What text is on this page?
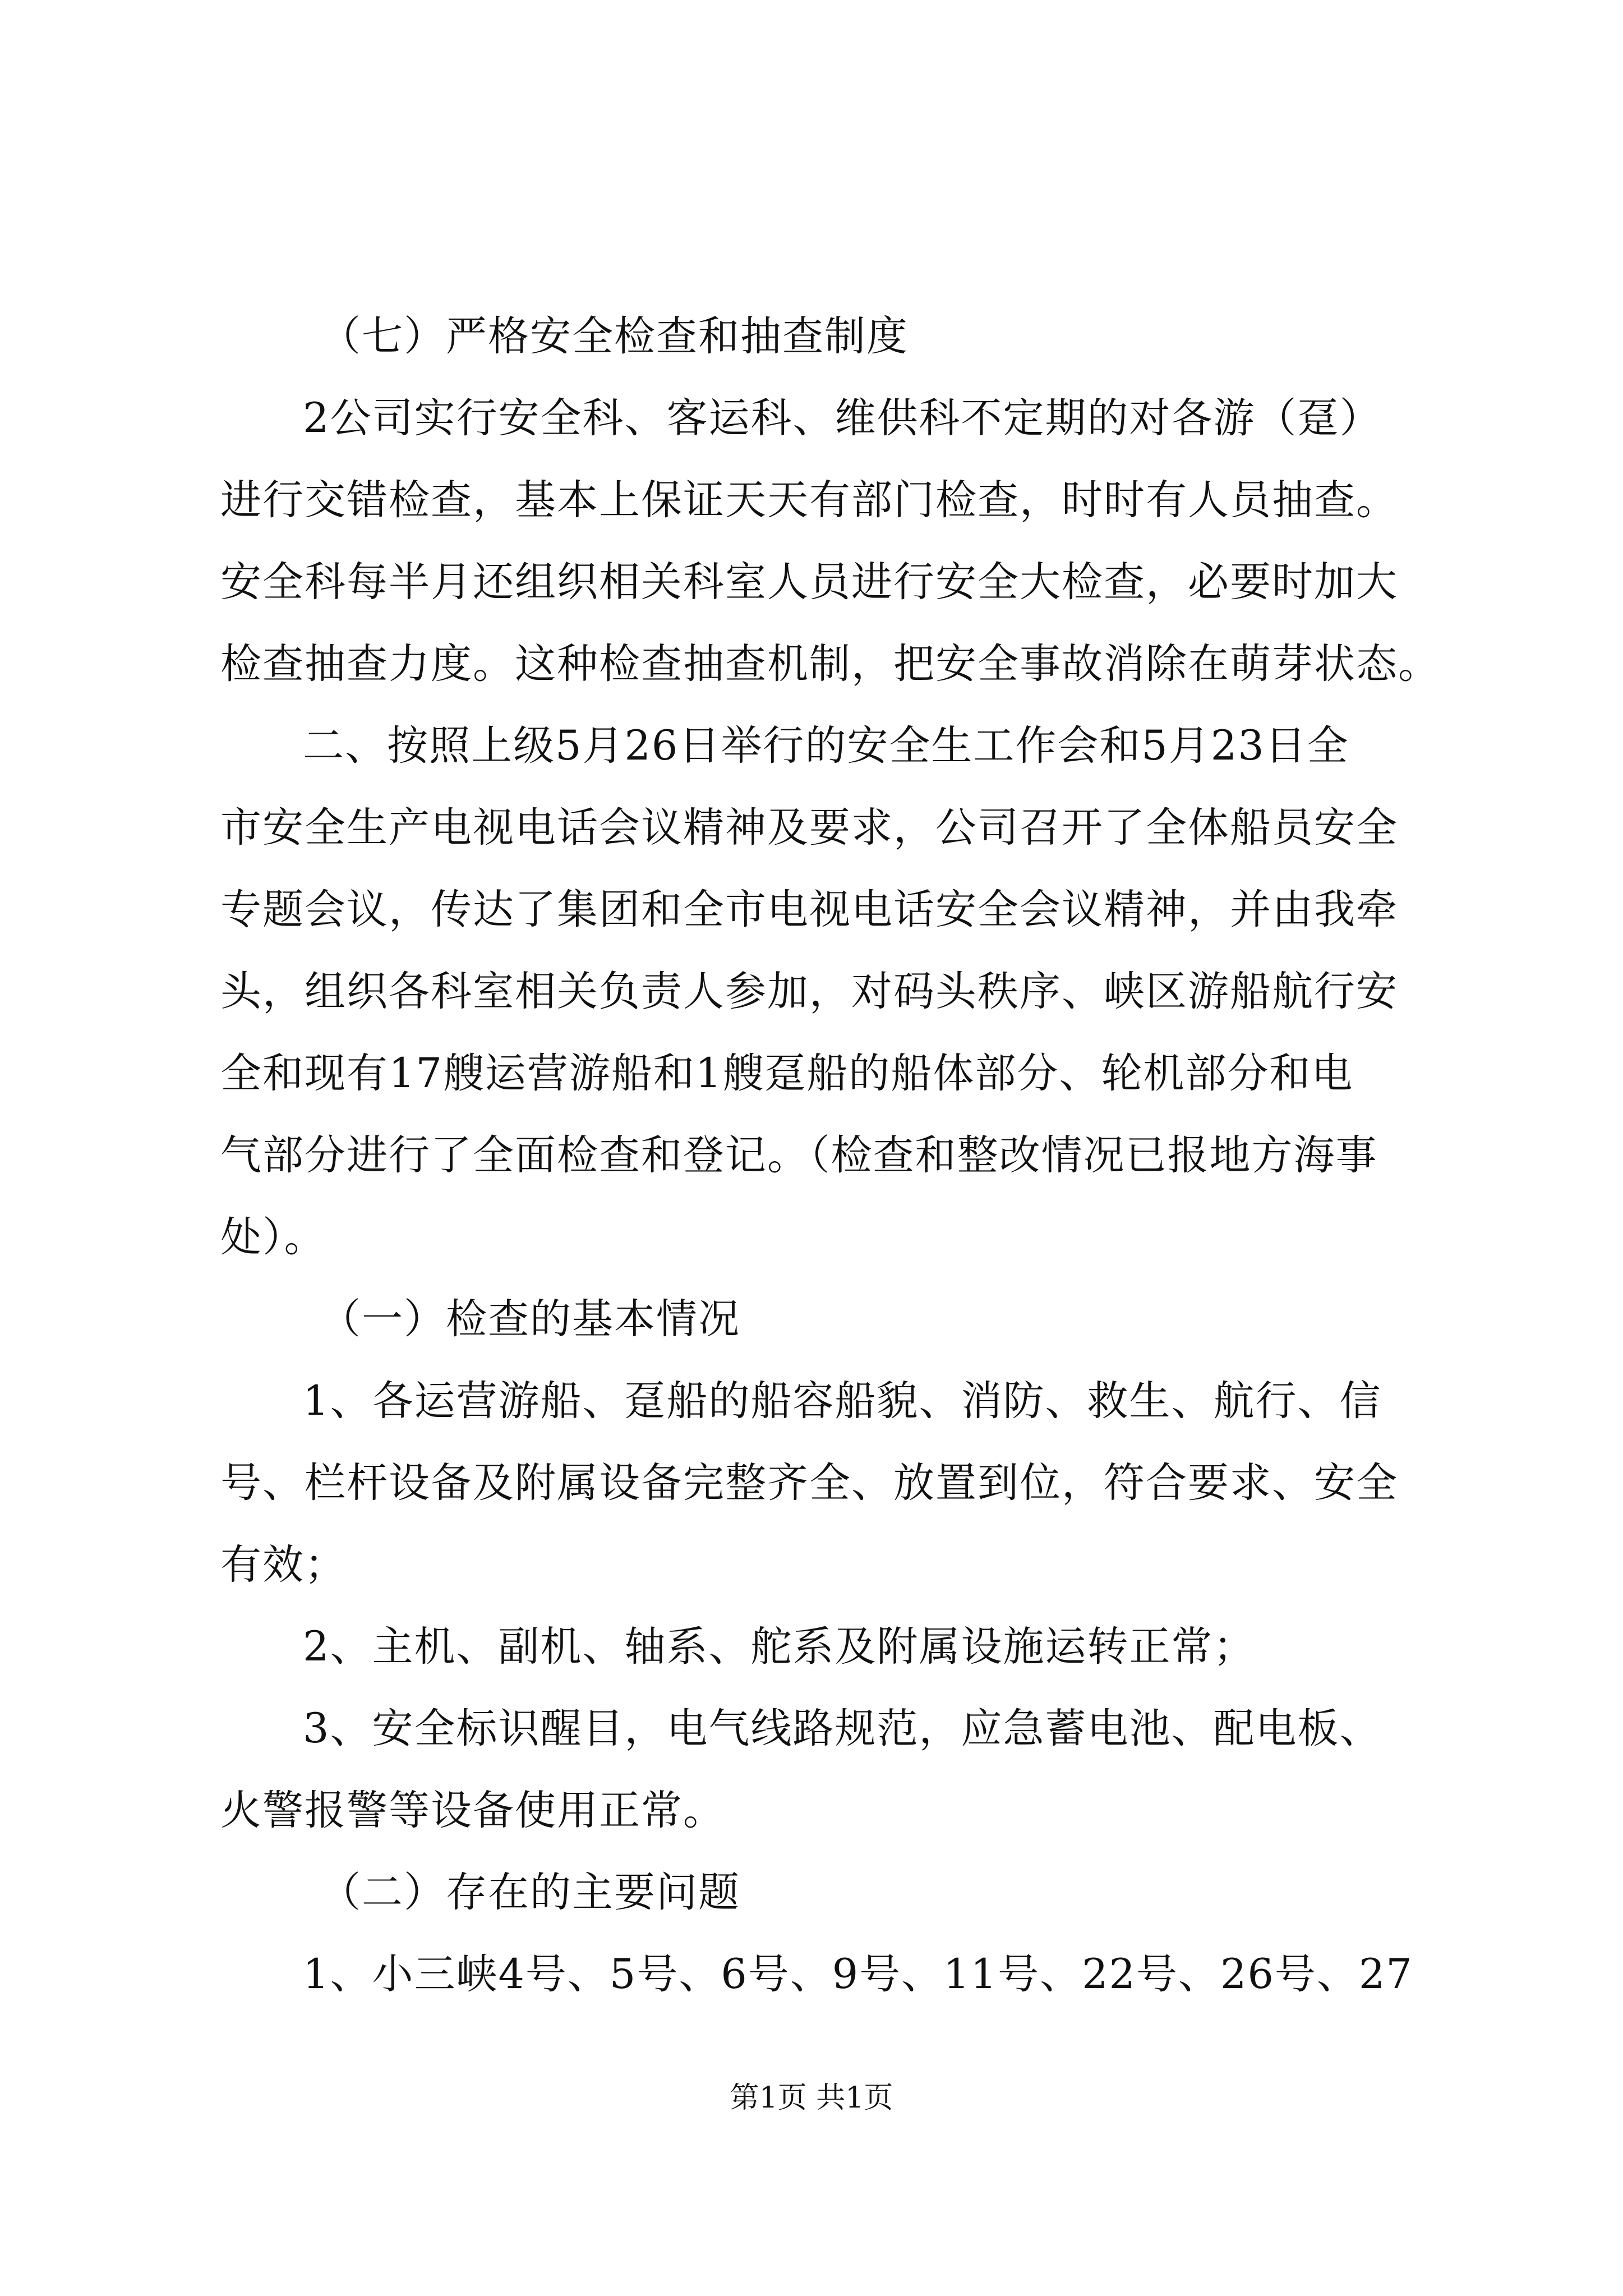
（七）严格安全检查和抽查制度
2公司实行安全科、客运科、维供科不定期的对各游（趸）
进行交错检查，基本上保证天天有部门检查，时时有人员抽查。
安全科每半月还组织相关科室人员进行安全大检查，必要时加大
检查抽查力度。这种检查抽查机制，把安全事故消除在萌芽状态。
二、按照上级5月26日举行的安全生工作会和5月23日全
市安全生产电视电话会议精神及要求，公司召开了全体船员安全
专题会议，传达了集团和全市电视电话安全会议精神，并由我牵
头，组织各科室相关负责人参加，对码头秩序、峡区游船航行安
全和现有17艘运营游船和1艘趸船的船体部分、轮机部分和电
气部分进行了全面检查和登记。（检查和整改情况已报地方海事
处）。
（一）检查的基本情况
1、各运营游船、趸船的船容船貌、消防、救生、航行、信
号、栏杆设备及附属设备完整齐全、放置到位，符合要求、安全
有效；
2、主机、副机、轴系、舵系及附属设施运转正常；
3、安全标识醒目，电气线路规范，应急蓄电池、配电板、
火警报警等设备使用正常。
（二）存在的主要问题
1、小三峡4号、5号、6号、9号、11号、22号、26号、27
第1页 共1页
